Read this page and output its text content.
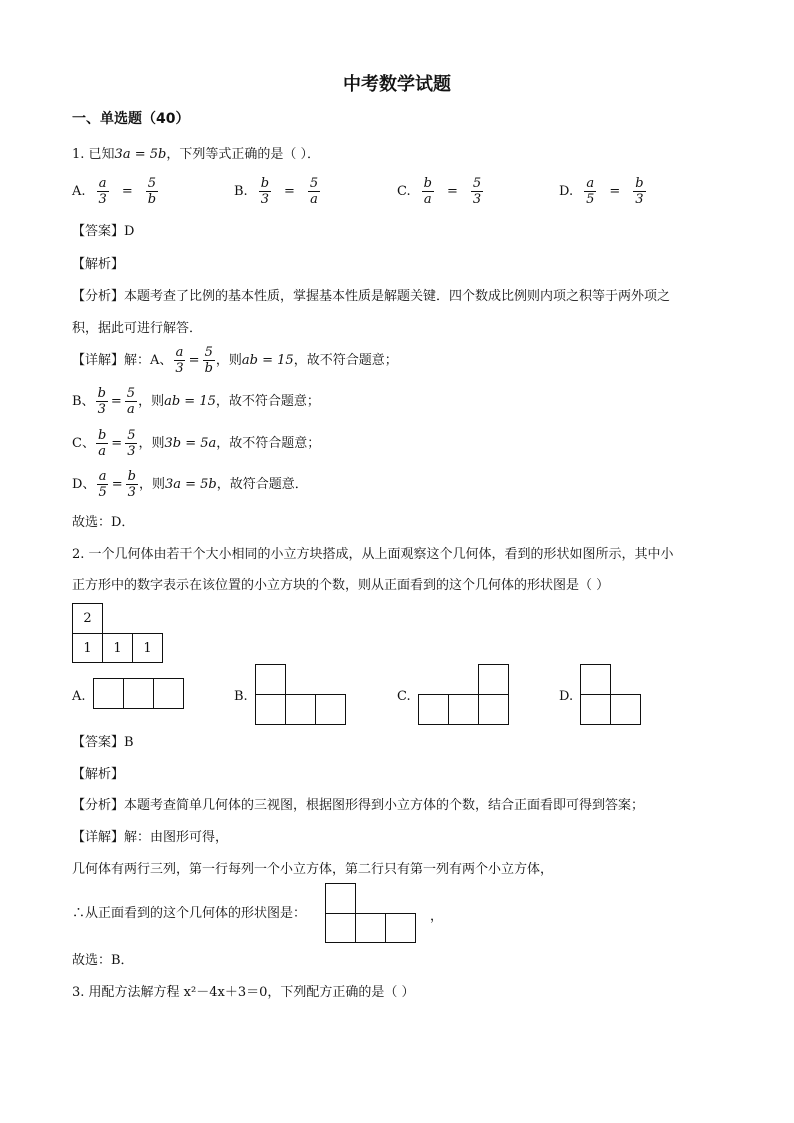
中考数学试题
一、单选题（40）
1. 已知3a = 5b，下列等式正确的是（ ）．
A. $\frac{a}{3} = \frac{5}{b}$	B. $\frac{b}{3} = \frac{5}{a}$	C. $\frac{b}{a} = \frac{5}{3}$	D. $\frac{a}{5} = \frac{b}{3}$
【答案】D
【解析】
【分析】本题考查了比例的基本性质，掌握基本性质是解题关键．四个数成比例则内项之积等于两外项之
积，据此可进行解答．
【详解】解：A、 $\frac{a}{3} = \frac{5}{b}$ ，则 ab = 15 ，故不符合题意；
B、 $\frac{b}{3} = \frac{5}{a}$ ，则 ab = 15 ，故不符合题意；
C、 $\frac{b}{a} = \frac{5}{3}$ ，则 3b = 5a ，故不符合题意；
D、 $\frac{a}{5} = \frac{b}{3}$ ，则 3a = 5b ，故符合题意．
故选：D．
2. 一个几何体由若干个大小相同的小立方块搭成，从上面观察这个几何体，看到的形状如图所示，其中小
正方形中的数字表示在该位置的小立方块的个数，则从正面看到的这个几何体的形状图是（ ）
2
1	1	1
A.	B.	C.	D.
【答案】B
【解析】
【分析】本题考查简单几何体的三视图，根据图形得到小立方体的个数，结合正面看即可得到答案；
【详解】解：由图形可得，
几何体有两行三列，第一行每列一个小立方体，第二行只有第一列有两个小立方体，
∴从正面看到的这个几何体的形状图是：	，
故选：B．
3. 用配方法解方程 x²－4x＋3＝0，下列配方正确的是（ ）
